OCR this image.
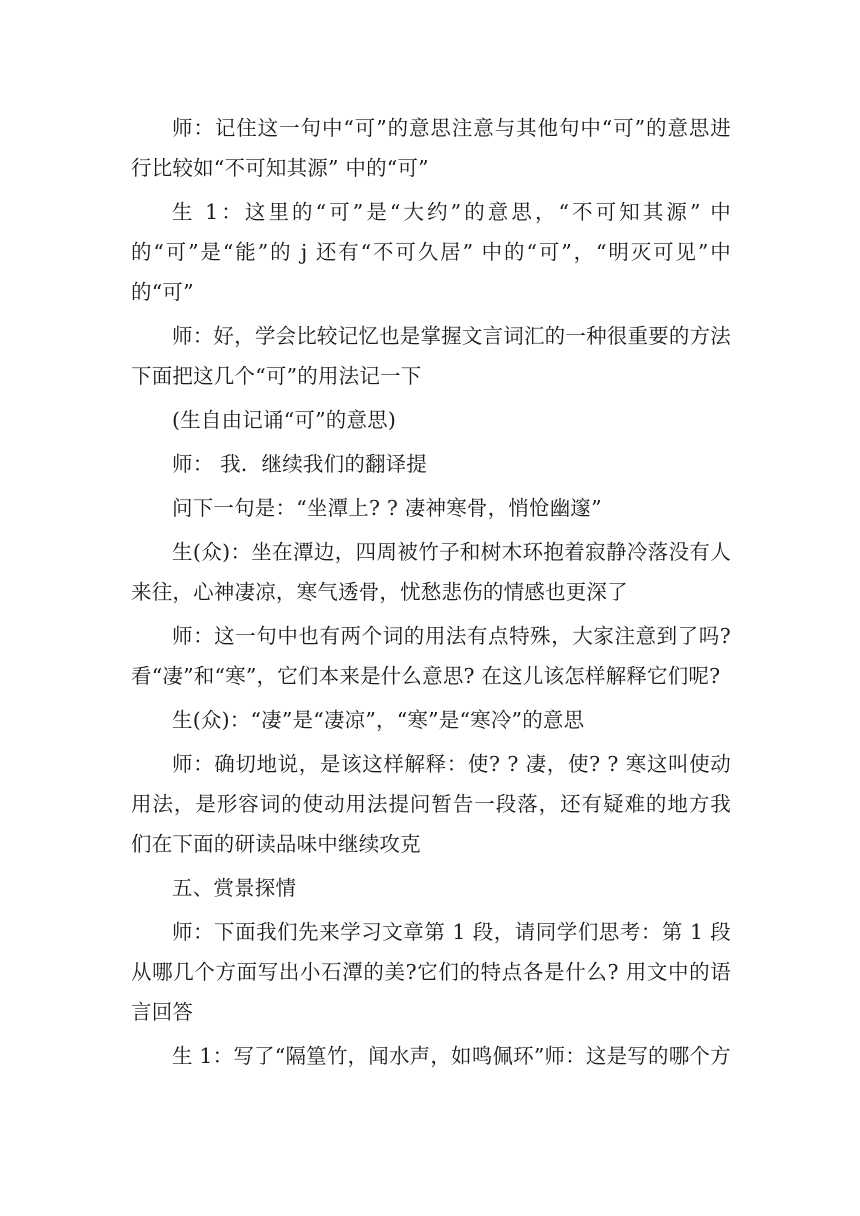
师：记住这一句中“可”的意思注意与其他句中“可”的意思进行比较如“不可知其源” 中的“可”

生 1：这里的“可”是“大约”的意思，“不可知其源” 中的“可”是“能”的 j 还有“不可久居” 中的“可”，“明灭可见”中的“可”

师：好，学会比较记忆也是掌握文言词汇的一种很重要的方法下面把这几个“可”的用法记一下

(生自由记诵“可”的意思)

师： 我．继续我们的翻译提

问下一句是：“坐潭上? ? 凄神寒骨，悄怆幽邃”

生(众)：坐在潭边，四周被竹子和树木环抱着寂静冷落没有人来往，心神凄凉，寒气透骨，忧愁悲伤的情感也更深了

师：这一句中也有两个词的用法有点特殊，大家注意到了吗?看“凄”和“寒”，它们本来是什么意思? 在这儿该怎样解释它们呢?

生(众)：“凄”是“凄凉”，“寒”是“寒冷”的意思

师：确切地说，是该这样解释：使? ? 凄，使? ? 寒这叫使动用法，是形容词的使动用法提问暂告一段落，还有疑难的地方我们在下面的研读品味中继续攻克

五、赏景探情

师：下面我们先来学习文章第 1 段，请同学们思考：第 1 段从哪几个方面写出小石潭的美?它们的特点各是什么? 用文中的语言回答

生 1：写了“隔篁竹，闻水声，如鸣佩环”师：这是写的哪个方
